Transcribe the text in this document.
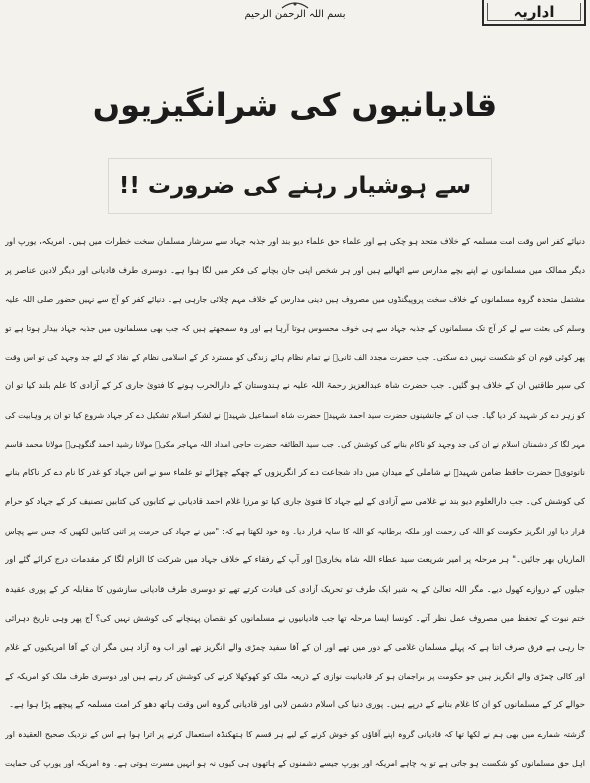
اداریہ
بسم اللہ الرحمن الرحیم
قادیانیوں کی شرانگیزیوں
سے ہوشیار رہنے کی ضرورت !!
دنیائے کفر اس وقت امت مسلمہ کے خلاف متحد ہو چکی ہے اور علماء حق علماء دیو بند اور جذبہ جہاد سے سرشار مسلمان سخت خطرات میں ہیں۔ امریکہ، یورپ اور
دیگر ممالک میں مسلمانوں نے اپنے بچے مدارس سے اٹھالیے ہیں اور ہر شخص اپنی جان بچانے کی فکر میں لگا ہوا ہے۔ دوسری طرف قادیانی اور دیگر لادین عناصر پر
مشتمل متحدہ گروہ مسلمانوں کے خلاف سخت پروپیگنڈوں میں مصروف ہیں دینی مدارس کے خلاف مہم چلائی جارہی ہے۔ دنیائے کفر کو آج سے نہیں حضور صلی اللہ علیہ
وسلم کی بعثت سے لے کر آج تک مسلمانوں کے جذبہ جہاد سے ہی خوف محسوس ہوتا آرہا ہے اور وہ سمجھتے ہیں کہ جب بھی مسلمانوں میں جذبہ جہاد بیدار ہوتا ہے تو
پھر کوئی قوم ان کو شکست نہیں دے سکتی۔ جب حضرت مجدد الف ثانیؒ نے تمام نظام ہائے زندگی کو مسترد کر کے اسلامی نظام کے نفاذ کے لئے جد وجہد کی تو اس وقت
کی سپر طاقتیں ان کے خلاف ہو گئیں۔ جب حضرت شاہ عبدالعزیز رحمۃ اللہ علیہ نے ہندوستان کے دارالحرب ہونے کا فتویٰ جاری کر کے آزادی کا علم بلند کیا تو ان
کو زہر دے کر شہید کر دیا گیا۔ جب ان کے جانشینوں حضرت سید احمد شہیدؒ حضرت شاہ اسماعیل شہیدؒ نے لشکر اسلام تشکیل دے کر جہاد شروع کیا تو ان پر وہابیت کی
مہر لگا کر دشمنان اسلام نے ان کی جد وجہد کو ناکام بنانے کی کوشش کی۔ جب سید الطائفہ حضرت حاجی امداد اللہ مہاجر مکیؒ مولانا رشید احمد گنگوہیؒ مولانا محمد قاسم
نانوتویؒ حضرت حافظ ضامن شہیدؒ نے شاملی کے میدان میں داد شجاعت دے کر انگریزوں کے چھکے چھڑائے تو علماء سو نے اس جہاد کو غدر کا نام دے کر ناکام بنانے
کی کوشش کی۔ جب دارالعلوم دیو بند نے غلامی سے آزادی کے لیے جہاد کا فتویٰ جاری کیا تو مرزا غلام احمد قادیانی نے کتابوں کی کتابیں تصنیف کر کے جہاد کو حرام
قرار دیا اور انگریز حکومت کو اللہ کی رحمت اور ملکہ برطانیہ کو اللہ کا سایہ قرار دیا۔ وہ خود لکھتا ہے کہ: "میں نے جہاد کی حرمت پر اتنی کتابیں لکھیں کہ جس سے پچاس
الماریاں بھر جائیں۔" ہر مرحلہ پر امیر شریعت سید عطاء اللہ شاہ بخاریؒ اور آپ کے رفقاء کے خلاف جہاد میں شرکت کا الزام لگا کر مقدمات درج کرائے گئے اور
جیلوں کے دروازے کھول دیے۔ مگر اللہ تعالیٰ کے یہ شیر ایک طرف تو تحریک آزادی کی قیادت کرتے تھے تو دوسری طرف قادیانی سازشوں کا مقابلہ کر کے پوری عقیدہ
ختم نبوت کے تحفظ میں مصروف عمل نظر آتے۔ کونسا ایسا مرحلہ تھا جب قادیانیوں نے مسلمانوں کو نقصان پہنچانے کی کوشش نہیں کی؟ آج پھر وہی تاریخ دہرائی
جا رہی ہے فرق صرف اتنا ہے کہ پہلے مسلمان غلامی کے دور میں تھے اور ان کے آقا سفید چمڑی والے انگریز تھے اور اب وہ آزاد ہیں مگر ان کے آقا امریکیوں کے غلام
اور کالی چمڑی والے انگریز ہیں جو حکومت پر براجمان ہو کر قادیانیت نوازی کے ذریعہ ملک کو کھوکھلا کرنے کی کوشش کر رہے ہیں اور دوسری طرف ملک کو امریکہ کے
حوالے کر کے مسلمانوں کو ان کا غلام بنانے کے درپے ہیں۔ پوری دنیا کی اسلام دشمن لابی اور قادیانی گروہ اس وقت ہاتھ دھو کر امت مسلمہ کے پیچھے پڑا ہوا ہے۔
گزشتہ شمارے میں بھی ہم نے لکھا تھا کہ قادیانی گروہ اپنے آقاؤں کو خوش کرنے کے لیے ہر قسم کا ہتھکنڈہ استعمال کرنے پر اترا ہوا ہے اس کے نزدیک صحیح العقیدہ اور
اہل حق مسلمانوں کو شکست ہو جاتی ہے تو یہ چاہے امریکہ اور یورپ جیسے دشمنوں کے ہاتھوں ہی کیوں نہ ہو انہیں مسرت ہوتی ہے۔ وہ امریکہ اور یورپ کی حمایت
